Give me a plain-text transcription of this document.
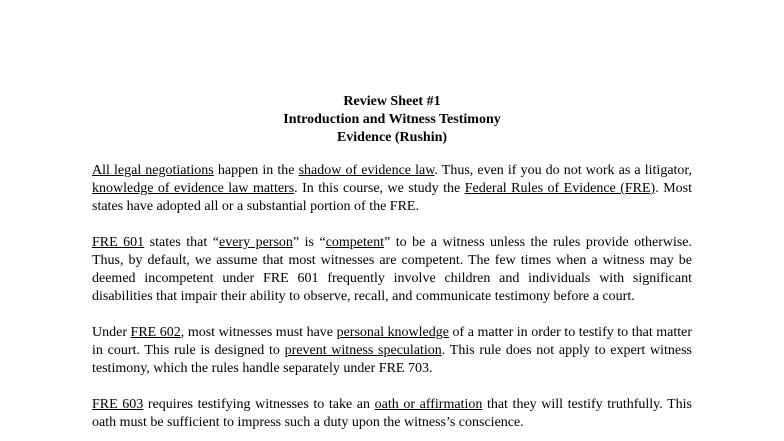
Review Sheet #1
Introduction and Witness Testimony
Evidence (Rushin)

All legal negotiations happen in the shadow of evidence law. Thus, even if you do not work as a litigator, knowledge of evidence law matters. In this course, we study the Federal Rules of Evidence (FRE). Most states have adopted all or a substantial portion of the FRE.

FRE 601 states that “every person” is “competent” to be a witness unless the rules provide otherwise. Thus, by default, we assume that most witnesses are competent. The few times when a witness may be deemed incompetent under FRE 601 frequently involve children and individuals with significant disabilities that impair their ability to observe, recall, and communicate testimony before a court.

Under FRE 602, most witnesses must have personal knowledge of a matter in order to testify to that matter in court. This rule is designed to prevent witness speculation. This rule does not apply to expert witness testimony, which the rules handle separately under FRE 703.

FRE 603 requires testifying witnesses to take an oath or affirmation that they will testify truthfully. This oath must be sufficient to impress such a duty upon the witness’s conscience.
